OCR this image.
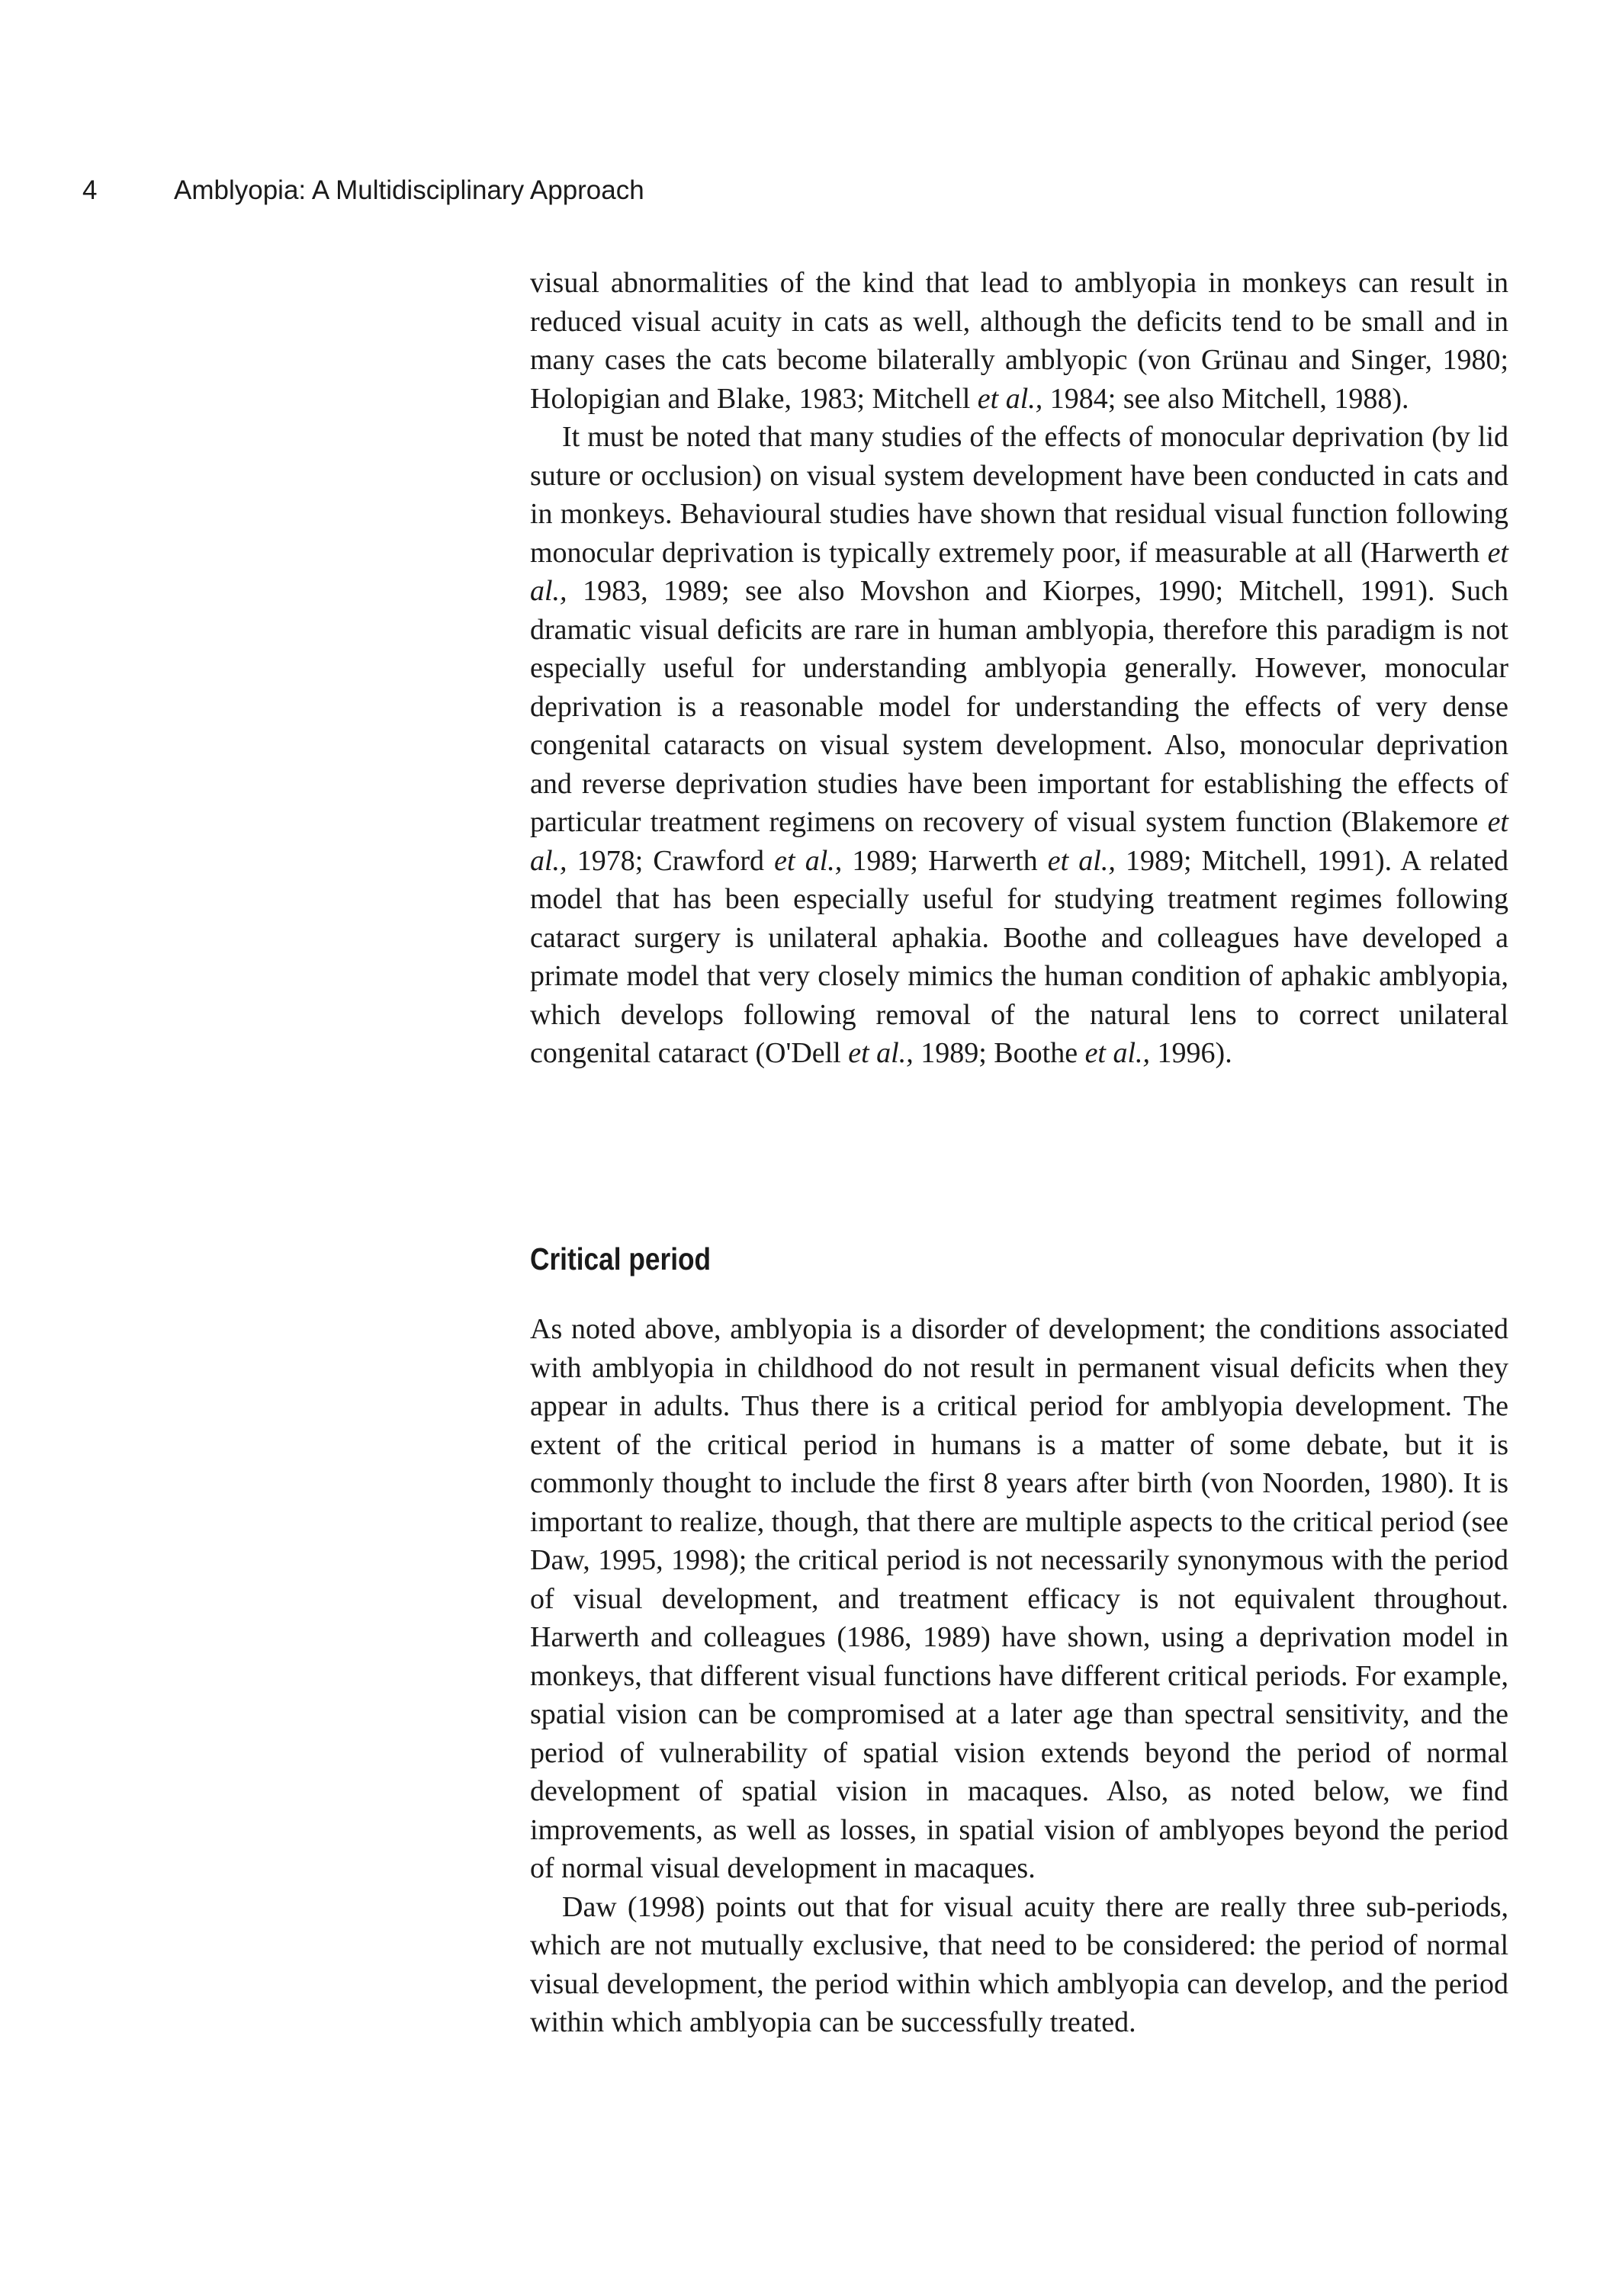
4	Amblyopia: A Multidisciplinary Approach

visual abnormalities of the kind that lead to amblyopia in monkeys can result in reduced visual acuity in cats as well, although the deficits tend to be small and in many cases the cats become bilaterally amblyopic (von Grünau and Singer, 1980; Holopigian and Blake, 1983; Mitchell et al., 1984; see also Mitchell, 1988).

It must be noted that many studies of the effects of monocular deprivation (by lid suture or occlusion) on visual system development have been conducted in cats and in monkeys. Behavioural studies have shown that residual visual function following monocular deprivation is typically extremely poor, if measurable at all (Harwerth et al., 1983, 1989; see also Movshon and Kiorpes, 1990; Mitchell, 1991). Such dramatic visual deficits are rare in human amblyopia, therefore this paradigm is not especially useful for understanding amblyopia generally. However, monocular deprivation is a reasonable model for understanding the effects of very dense congenital cataracts on visual system development. Also, monocular deprivation and reverse deprivation studies have been important for establishing the effects of particular treatment regimens on recovery of visual system function (Blakemore et al., 1978; Crawford et al., 1989; Harwerth et al., 1989; Mitchell, 1991). A related model that has been especially useful for studying treatment regimes following cataract surgery is unilateral aphakia. Boothe and colleagues have developed a primate model that very closely mimics the human condition of aphakic amblyopia, which develops following removal of the natural lens to correct unilateral congenital cataract (O'Dell et al., 1989; Boothe et al., 1996).

Critical period

As noted above, amblyopia is a disorder of development; the conditions associated with amblyopia in childhood do not result in permanent visual deficits when they appear in adults. Thus there is a critical period for amblyopia development. The extent of the critical period in humans is a matter of some debate, but it is commonly thought to include the first 8 years after birth (von Noorden, 1980). It is important to realize, though, that there are multiple aspects to the critical period (see Daw, 1995, 1998); the critical period is not necessarily synonymous with the period of visual development, and treatment efficacy is not equivalent throughout. Harwerth and colleagues (1986, 1989) have shown, using a deprivation model in monkeys, that different visual functions have different critical periods. For example, spatial vision can be compromised at a later age than spectral sensitivity, and the period of vulnerability of spatial vision extends beyond the period of normal development of spatial vision in macaques. Also, as noted below, we find improvements, as well as losses, in spatial vision of amblyopes beyond the period of normal visual development in macaques.

Daw (1998) points out that for visual acuity there are really three sub-periods, which are not mutually exclusive, that need to be considered: the period of normal visual development, the period within which amblyopia can develop, and the period within which amblyopia can be successfully treated.
